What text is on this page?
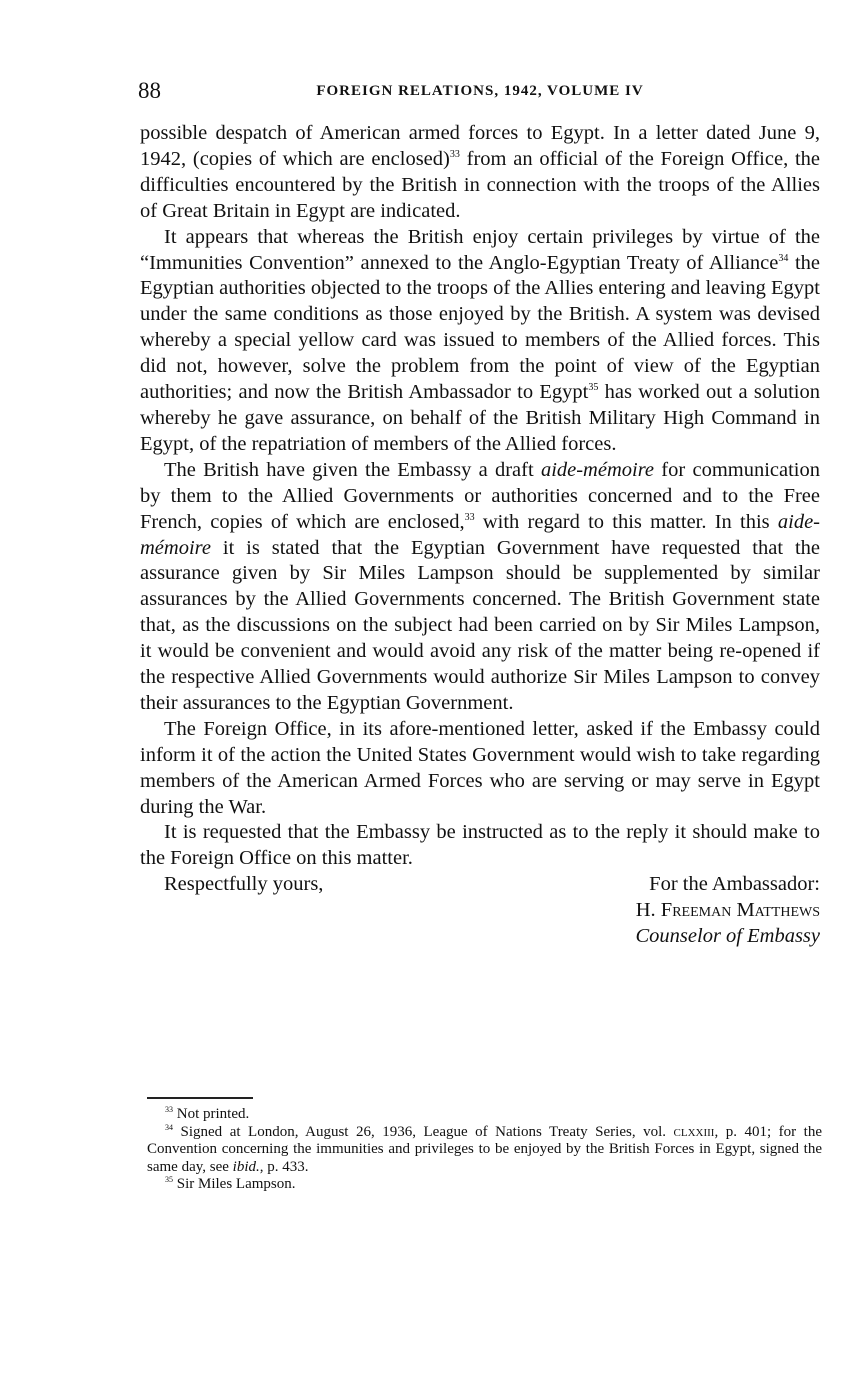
88	FOREIGN RELATIONS, 1942, VOLUME IV

possible despatch of American armed forces to Egypt. In a letter dated June 9, 1942, (copies of which are enclosed)$^{33}$ from an official of the Foreign Office, the difficulties encountered by the British in connection with the troops of the Allies of Great Britain in Egypt are indicated.

It appears that whereas the British enjoy certain privileges by virtue of the “Immunities Convention” annexed to the Anglo-Egyptian Treaty of Alliance$^{34}$ the Egyptian authorities objected to the troops of the Allies entering and leaving Egypt under the same conditions as those enjoyed by the British. A system was devised whereby a special yellow card was issued to members of the Allied forces. This did not, however, solve the problem from the point of view of the Egyptian authorities; and now the British Ambassador to Egypt$^{35}$ has worked out a solution whereby he gave assurance, on behalf of the British Military High Command in Egypt, of the repatriation of members of the Allied forces.

The British have given the Embassy a draft aide-mémoire for communication by them to the Allied Governments or authorities concerned and to the Free French, copies of which are enclosed,$^{33}$ with regard to this matter. In this aide-mémoire it is stated that the Egyptian Government have requested that the assurance given by Sir Miles Lampson should be supplemented by similar assurances by the Allied Governments concerned. The British Government state that, as the discussions on the subject had been carried on by Sir Miles Lampson, it would be convenient and would avoid any risk of the matter being re-opened if the respective Allied Governments would authorize Sir Miles Lampson to convey their assurances to the Egyptian Government.

The Foreign Office, in its afore-mentioned letter, asked if the Embassy could inform it of the action the United States Government would wish to take regarding members of the American Armed Forces who are serving or may serve in Egypt during the War.

It is requested that the Embassy be instructed as to the reply it should make to the Foreign Office on this matter.

Respectfully yours,	For the Ambassador:
H. Freeman Matthews
Counselor of Embassy

$^{33}$ Not printed.

$^{34}$ Signed at London, August 26, 1936, League of Nations Treaty Series, vol. clxxiii, p. 401; for the Convention concerning the immunities and privileges to be enjoyed by the British Forces in Egypt, signed the same day, see ibid., p. 433.

$^{35}$ Sir Miles Lampson.
